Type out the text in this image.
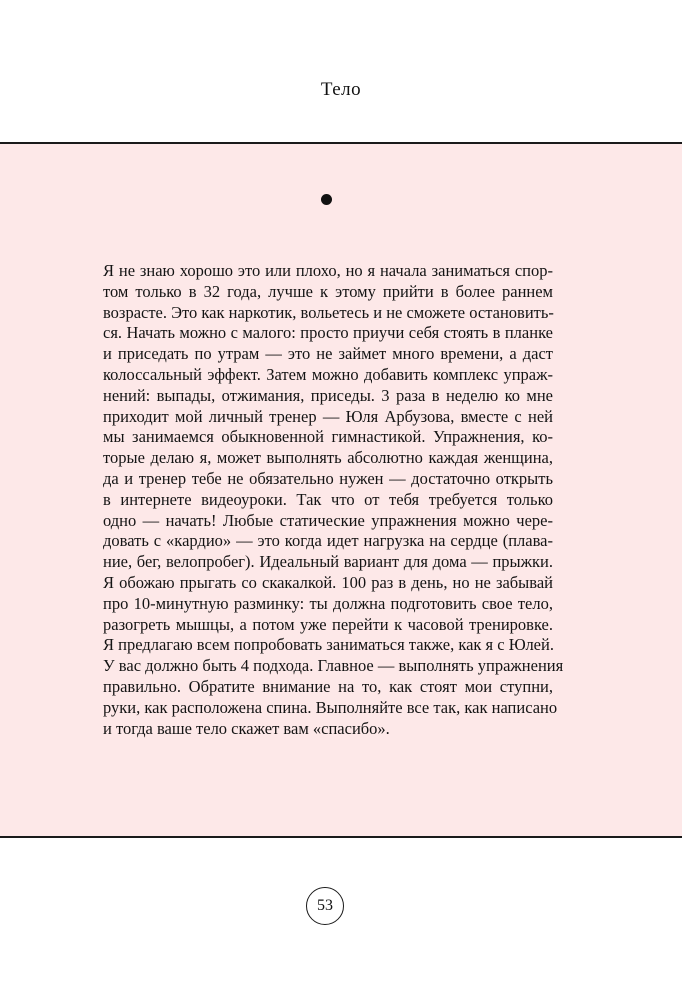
Тело
Я не знаю хорошо это или плохо, но я начала заниматься спор-
том только в 32 года, лучше к этому прийти в более раннем
возрасте. Это как наркотик, вольетесь и не сможете остановить-
ся. Начать можно с малого: просто приучи себя стоять в планке
и приседать по утрам — это не займет много времени, а даст
колоссальный эффект. Затем можно добавить комплекс упраж-
нений: выпады, отжимания, приседы. 3 раза в неделю ко мне
приходит мой личный тренер — Юля Арбузова, вместе с ней
мы занимаемся обыкновенной гимнастикой. Упражнения, ко-
торые делаю я, может выполнять абсолютно каждая женщина,
да и тренер тебе не обязательно нужен — достаточно открыть
в интернете видеоуроки. Так что от тебя требуется только
одно — начать! Любые статические упражнения можно чере-
довать с «кардио» — это когда идет нагрузка на сердце (плава-
ние, бег, велопробег). Идеальный вариант для дома — прыжки.
Я обожаю прыгать со скакалкой. 100 раз в день, но не забывай
про 10-минутную разминку: ты должна подготовить свое тело,
разогреть мышцы, а потом уже перейти к часовой тренировке.
Я предлагаю всем попробовать заниматься также, как я с Юлей.
У вас должно быть 4 подхода. Главное — выполнять упражнения
правильно. Обратите внимание на то, как стоят мои ступни,
руки, как расположена спина. Выполняйте все так, как написано
и тогда ваше тело скажет вам «спасибо».
53
